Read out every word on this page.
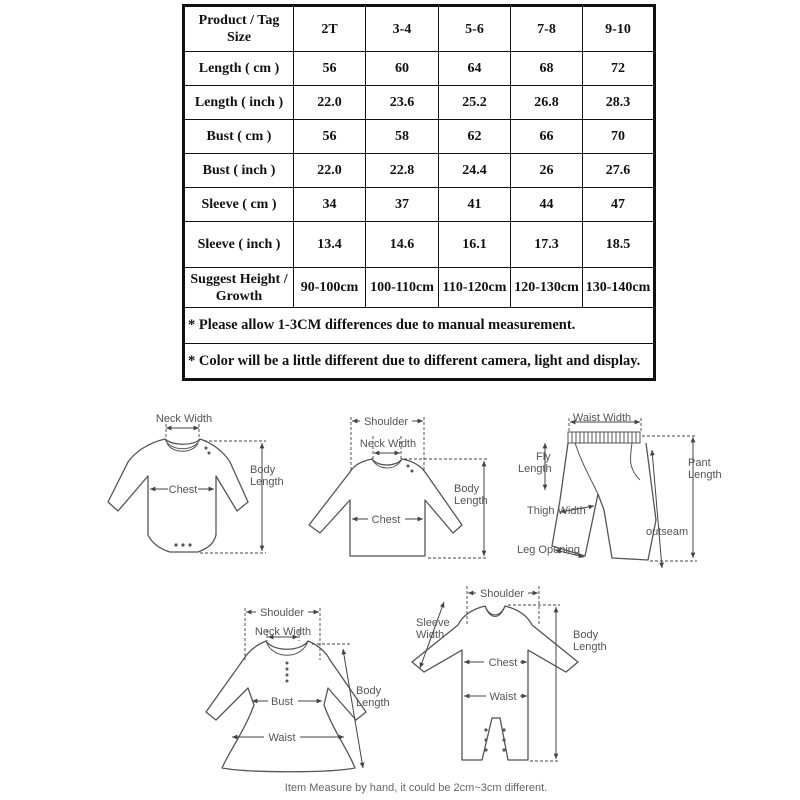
Product / Tag Size	2T	3-4	5-6	7-8	9-10
Length ( cm )	56	60	64	68	72
Length ( inch )	22.0	23.6	25.2	26.8	28.3
Bust ( cm )	56	58	62	66	70
Bust ( inch )	22.0	22.8	24.4	26	27.6
Sleeve ( cm )	34	37	41	44	47
Sleeve ( inch )	13.4	14.6	16.1	17.3	18.5
Suggest Height / Growth	90-100cm	100-110cm	110-120cm	120-130cm	130-140cm
* Please allow 1-3CM differences due to manual measurement.					
* Color will be a little different due to different camera, light and display.					
Neck Width
Chest
Body
Length
Shoulder
Neck Width
Chest
Body
Length
Waist Width
Fly
Length	Pant
Length
Thigh Width
outseam
Leg Opening
Shoulder
Neck Width
Bust
Waist
Body
Length
Shoulder
Sleeve
Width
Chest
Waist
Body
Length
Item Measure by hand, it could be 2cm~3cm different.
